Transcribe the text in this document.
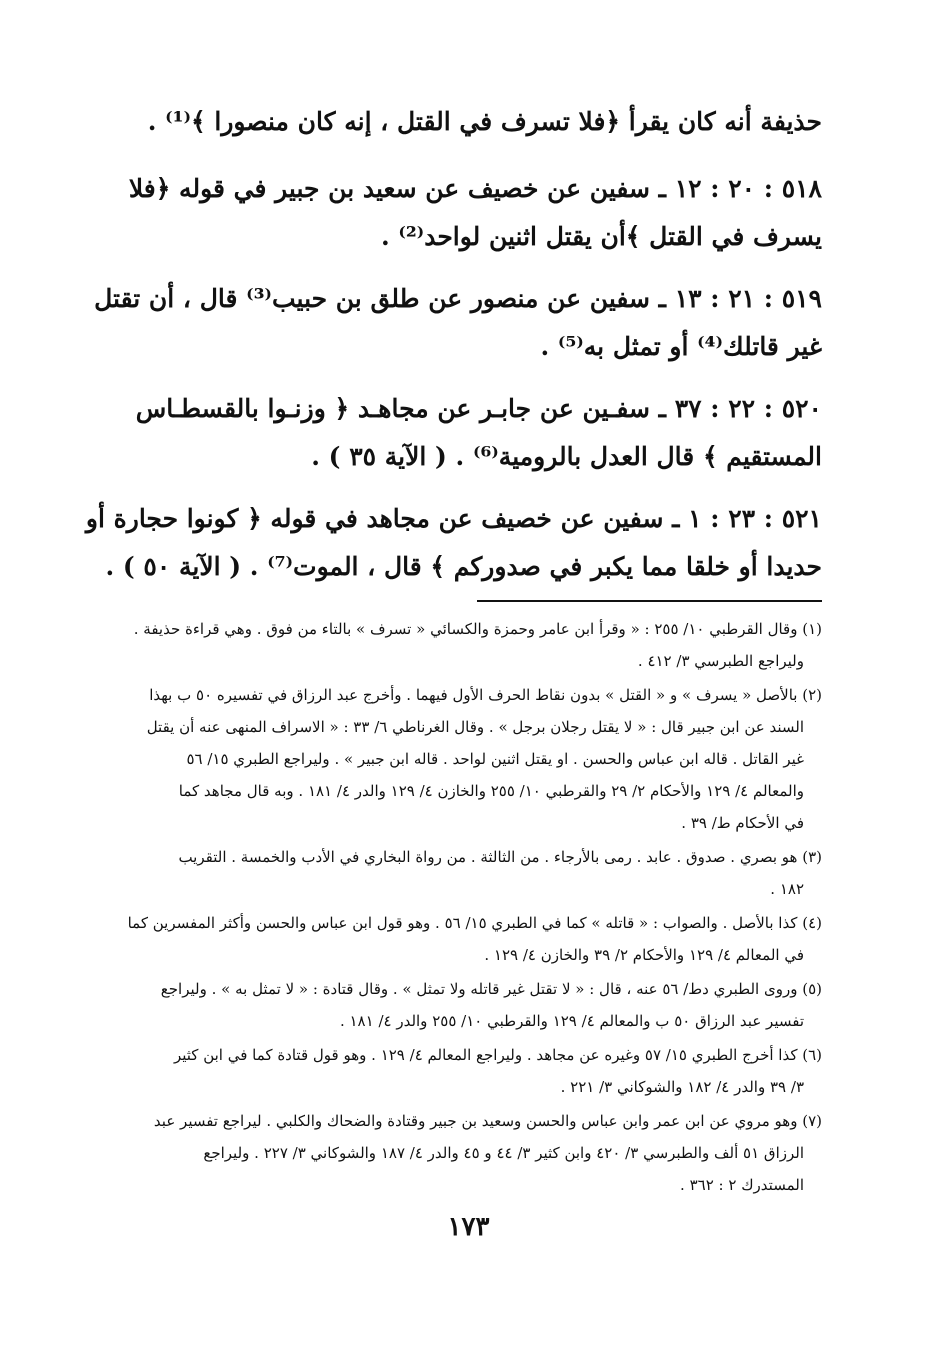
حذيفة أنه كان يقرأ ﴿فلا تسرف في القتل ، إنه كان منصورا ﴾⁽¹⁾ .
٥١٨ : ٢٠ : ١٢ ـ سفين عن خصيف عن سعيد بن جبير في قوله ﴿فلا
يسرف في القتل ﴾أن يقتل اثنين لواحد⁽²⁾ .
٥١٩ : ٢١ : ١٣ ـ سفين عن منصور عن طلق بن حبيب⁽³⁾ قال ، أن تقتل
غير قاتلك⁽⁴⁾ أو تمثل به⁽⁵⁾ .
٥٢٠ : ٢٢ : ٣٧ ـ سفـين عن جابـر عن مجاهـد ﴿ وزنـوا بالقسطـاس
المستقيم ﴾ قال العدل بالرومية⁽⁶⁾ . ( الآية ٣٥ ) .
٥٢١ : ٢٣ : ١ ـ سفين عن خصيف عن مجاهد في قوله ﴿ كونوا حجارة أو
حديدا أو خلقا مما يكبر في صدوركم ﴾ قال ، الموت⁽⁷⁾ . ( الآية ٥٠ ) .
(١) وقال القرطبي ١٠/ ٢٥٥ : « وقرأ ابن عامر وحمزة والكسائي « تسرف » بالتاء من فوق . وهي قراءة حذيفة .
وليراجع الطبرسي ٣/ ٤١٢ .
(٢) بالأصل « يسرف » و « القتل » بدون نقاط الحرف الأول فيهما . وأخرج عبد الرزاق في تفسيره ٥٠ ب بهذا
السند عن ابن جبير قال : « لا يقتل رجلان برجل » . وقال الغرناطي ٦/ ٣٣ : « الاسراف المنهى عنه أن يقتل
غير القاتل . قاله ابن عباس والحسن . او يقتل اثنين لواحد . قاله ابن جبير » . وليراجع الطبري ١٥/ ٥٦
والمعالم ٤/ ١٢٩ والأحكام ٢/ ٢٩ والقرطبي ١٠/ ٢٥٥ والخازن ٤/ ١٢٩ والدر ٤/ ١٨١ . وبه قال مجاهد كما
في الأحكام ط/ ٣٩ .
(٣) هو بصري . صدوق . عابد . رمى بالأرجاء . من الثالثة . من رواة البخاري في الأدب والخمسة . التقريب
١٨٢ .
(٤) كذا بالأصل . والصواب : « قاتله » كما في الطبري ١٥/ ٥٦ . وهو قول ابن عباس والحسن وأكثر المفسرين كما
في المعالم ٤/ ١٢٩ والأحكام ٢/ ٣٩ والخازن ٤/ ١٢٩ .
(٥) وروى الطبري دط/ ٥٦ عنه ، قال : « لا تقتل غير قاتله ولا تمثل » . وقال قتادة : « لا تمثل به » . وليراجع
تفسير عبد الرزاق ٥٠ ب والمعالم ٤/ ١٢٩ والقرطبي ١٠/ ٢٥٥ والدر ٤/ ١٨١ .
(٦) كذا أخرج الطبري ١٥/ ٥٧ وغيره عن مجاهد . وليراجع المعالم ٤/ ١٢٩ . وهو قول قتادة كما في ابن كثير
٣/ ٣٩ والدر ٤/ ١٨٢ والشوكاني ٣/ ٢٢١ .
(٧) وهو مروي عن ابن عمر وابن عباس والحسن وسعيد بن جبير وقتادة والضحاك والكلبي . ليراجع تفسير عبد
الرزاق ٥١ ألف والطبرسي ٣/ ٤٢٠ وابن كثير ٣/ ٤٤ و ٤٥ والدر ٤/ ١٨٧ والشوكاني ٣/ ٢٢٧ . وليراجع
المستدرك ٢ : ٣٦٢ .
١٧٣
